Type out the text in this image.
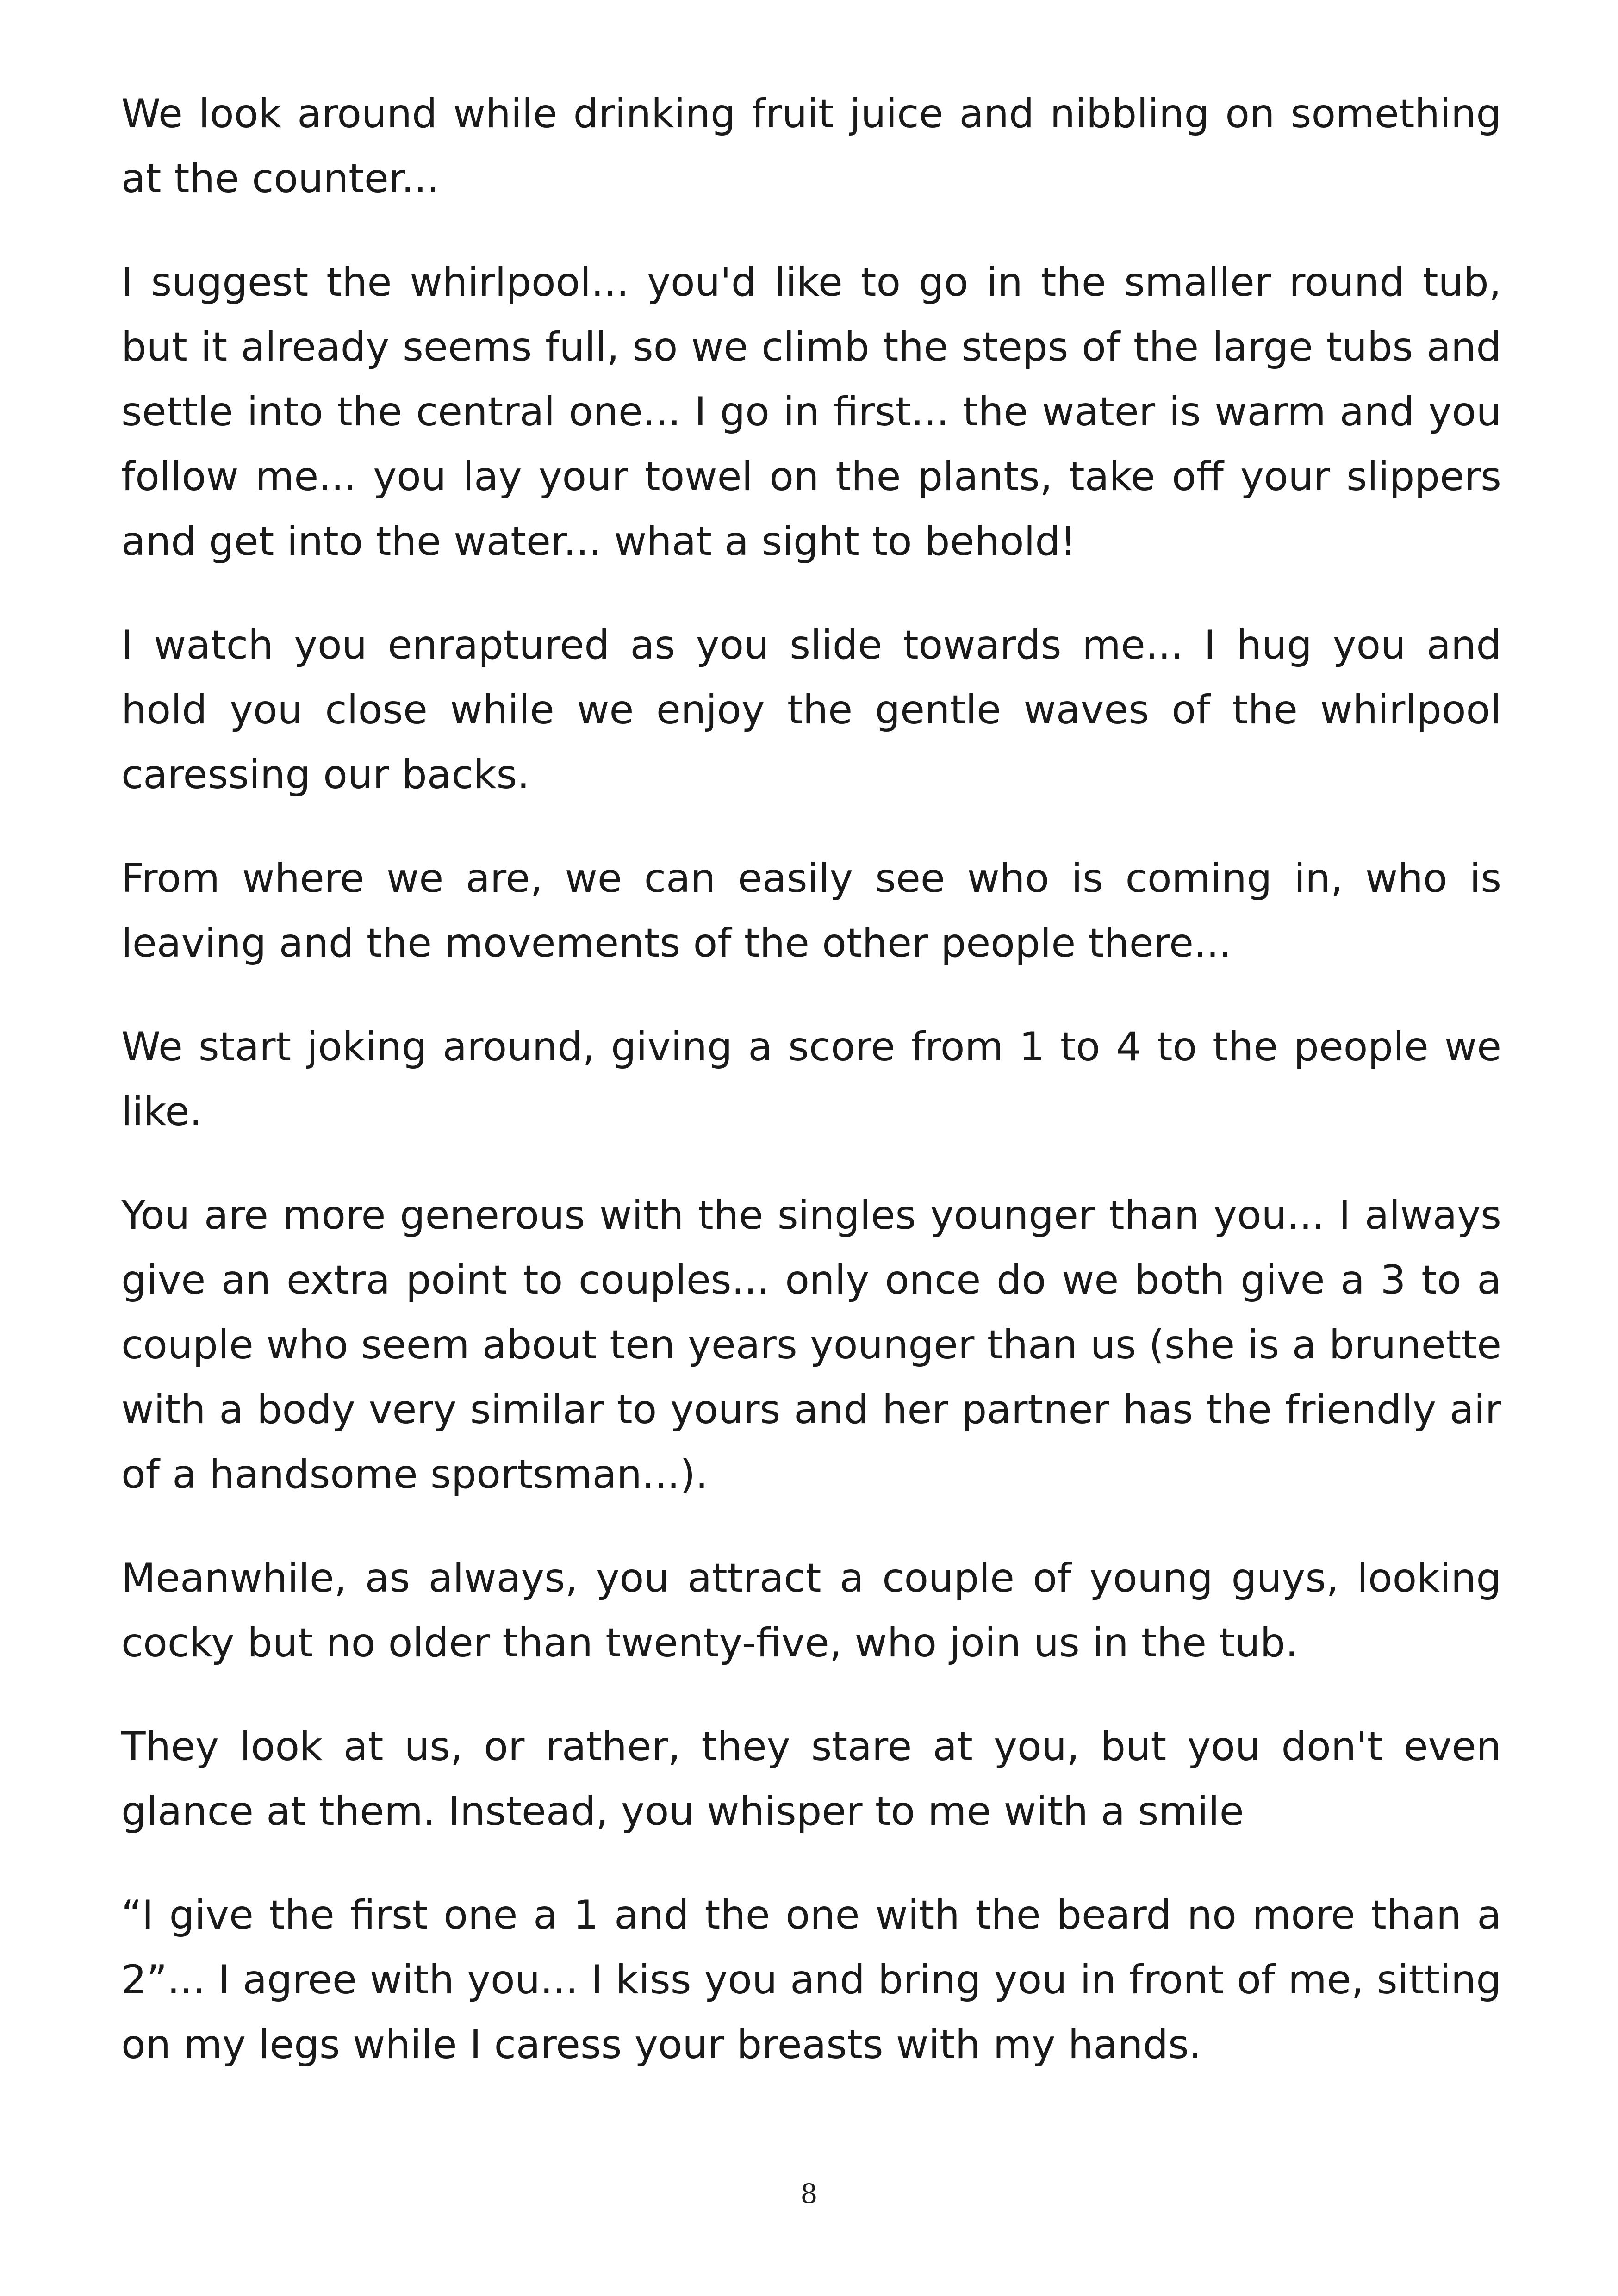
We look around while drinking fruit juice and nibbling on something at the counter...

I suggest the whirlpool... you'd like to go in the smaller round tub, but it already seems full, so we climb the steps of the large tubs and settle into the central one... I go in first... the water is warm and you follow me... you lay your towel on the plants, take off your slippers and get into the water... what a sight to behold!

I watch you enraptured as you slide towards me... I hug you and hold you close while we enjoy the gentle waves of the whirlpool caressing our backs.

From where we are, we can easily see who is coming in, who is leaving and the movements of the other people there...

We start joking around, giving a score from 1 to 4 to the people we like.

You are more generous with the singles younger than you... I always give an extra point to couples... only once do we both give a 3 to a couple who seem about ten years younger than us (she is a brunette with a body very similar to yours and her partner has the friendly air of a handsome sportsman...).

Meanwhile, as always, you attract a couple of young guys, looking cocky but no older than twenty-five, who join us in the tub.

They look at us, or rather, they stare at you, but you don't even glance at them. Instead, you whisper to me with a smile

“I give the first one a 1 and the one with the beard no more than a 2”... I agree with you... I kiss you and bring you in front of me, sitting on my legs while I caress your breasts with my hands.

8
